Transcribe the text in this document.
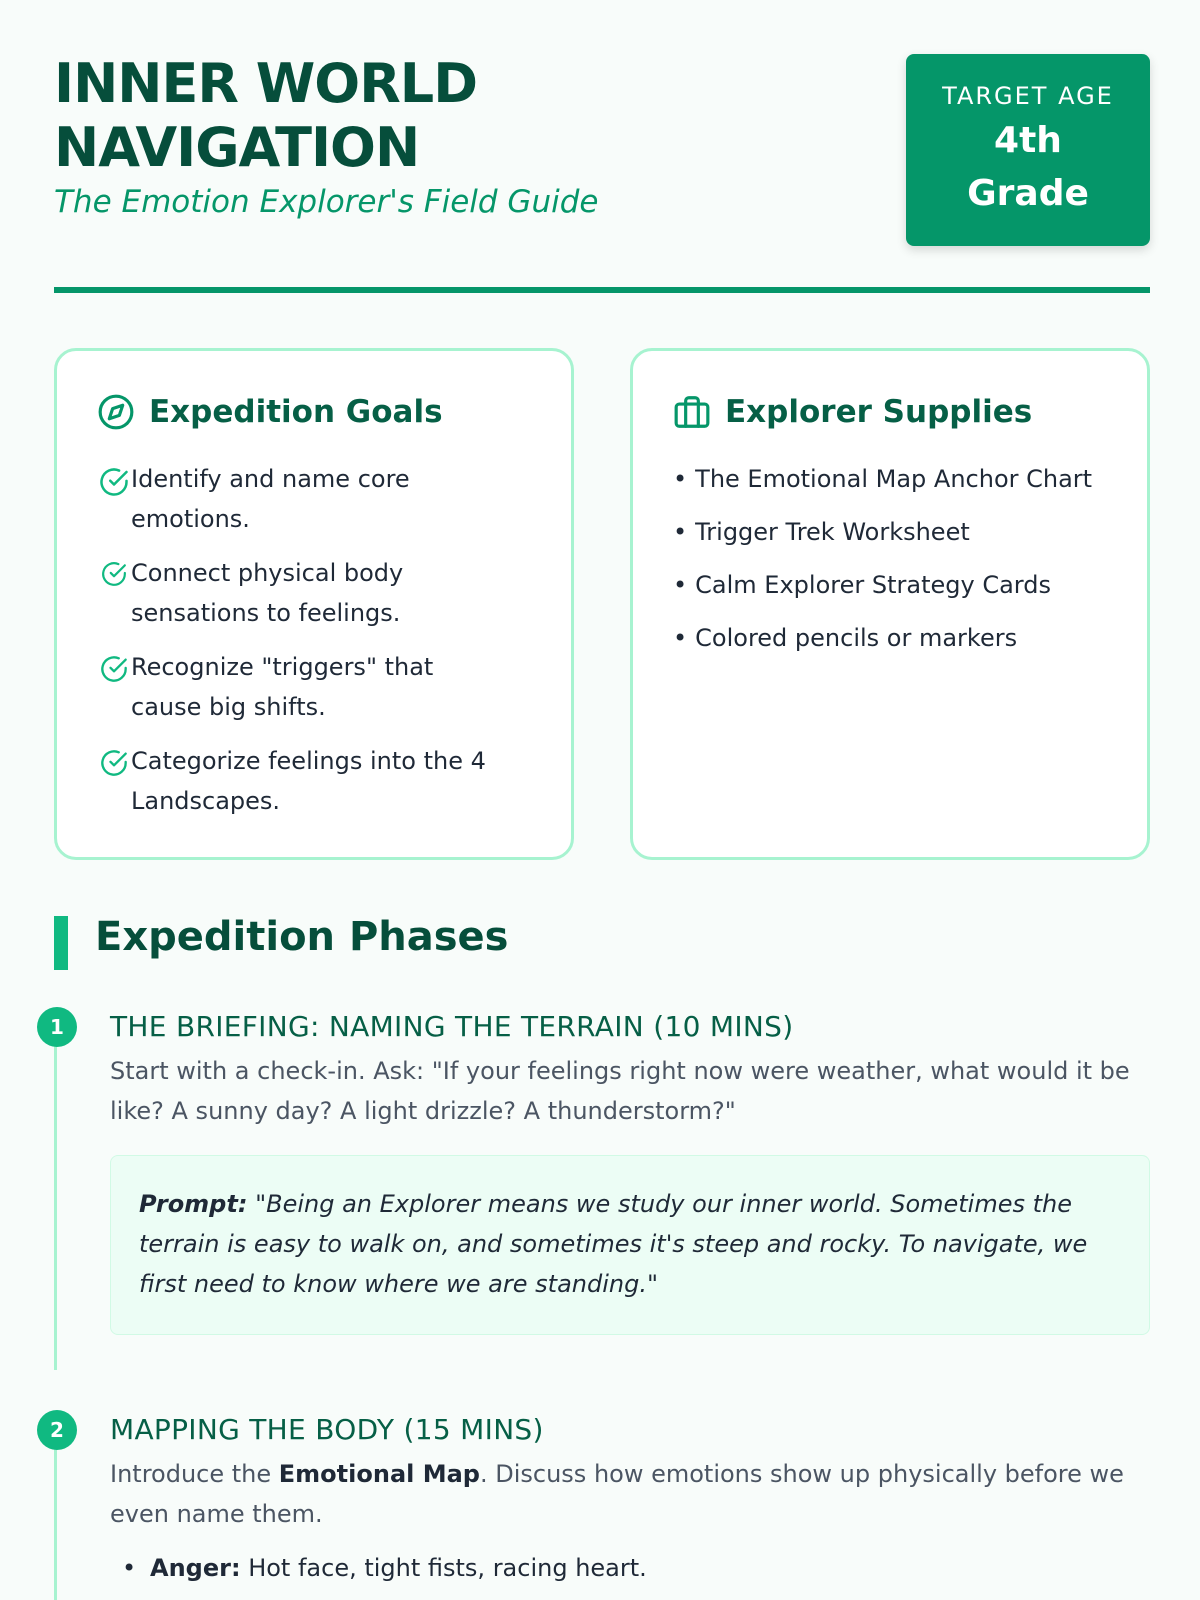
INNER WORLD
NAVIGATION
The Emotion Explorer's Field Guide
TARGET AGE
4th
Grade
Expedition Goals
Identify and name core emotions.
Connect physical body sensations to feelings.
Recognize "triggers" that cause big shifts.
Categorize feelings into the 4 Landscapes.
Explorer Supplies
• The Emotional Map Anchor Chart
• Trigger Trek Worksheet
• Calm Explorer Strategy Cards
• Colored pencils or markers
Expedition Phases
1	THE BRIEFING: NAMING THE TERRAIN (10 MINS)
Start with a check-in. Ask: "If your feelings right now were weather, what would it be like? A sunny day? A light drizzle? A thunderstorm?"
Prompt: "Being an Explorer means we study our inner world. Sometimes the terrain is easy to walk on, and sometimes it's steep and rocky. To navigate, we first need to know where we are standing."
2	MAPPING THE BODY (15 MINS)
Introduce the Emotional Map. Discuss how emotions show up physically before we even name them.
• Anger: Hot face, tight fists, racing heart.
